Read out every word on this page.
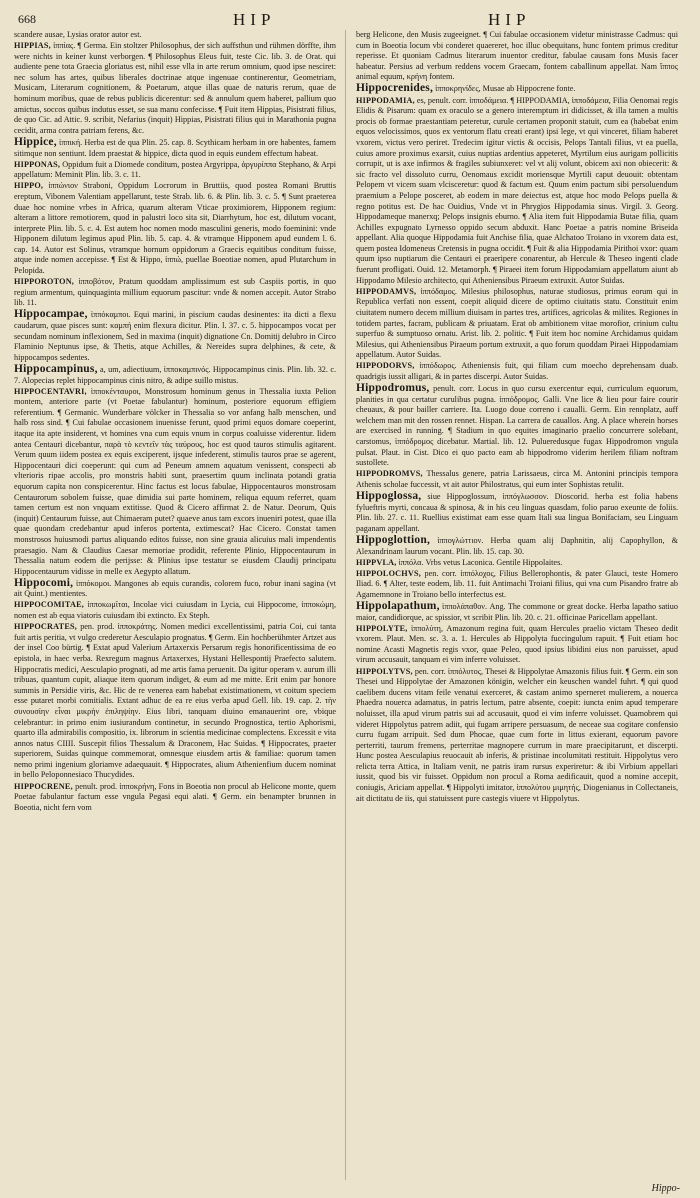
668	HIP	HIP

scandere ausae, Lysias orator autor est.

HIPPIAS, ἱππίας. ¶ Germa. Ein stoltzer Philosophus, der sich auffsthun und rühmen dörffte, ihm were nichts in keiner kunst verborgen. ¶ Philosophus Eleus fuit, teste Cic. lib. 3. de Orat. qui audiente pene tota Graecia gloriatus est, nihil esse vlla in arte rerum omnium, quod ipse nesciret: nec solum has artes, quibus liberales doctrinae atque ingenuae continerentur, Geometriam, Musicam, Literarum cognitionem, & Poetarum, atque illas quae de naturis rerum, quae de hominum moribus, quae de rebus publicis dicerentur: sed & annulum quem haberet, pallium quo amictus, soccos quibus indutus esset, se sua manu confecisse. ¶ Fuit item Hippias, Pisistrati filius, de quo Cic. ad Attic. 9. scribit, Nefarius (inquit) Hippias, Pisistrati filius qui in Marathonia pugna cecidit, arma contra patriam ferens, &c.

Hippice, ἱππική. Herba est de qua Plin. 25. cap. 8. Scythicam herbam in ore habentes, famem sitimque non sentiunt. Idem praestat & hippice, dicta quod in equis eundem effectum habeat.

HIPPONAS, Oppidum fuit a Diomede conditum, postea Argyrippa, ἀργυρίππα Stephano, & Arpi appellatum: Meminit Plin. lib. 3. c. 11.

HIPPO, ἱππώνιον Straboni, Oppidum Locrorum in Bruttiis, quod postea Romani Bruttis ereptum, Vibonem Valentiam appellarunt, teste Strab. lib. 6. & Plin. lib. 3. c. 5. ¶ Sunt praeterea duae hoc nomine vrbes in Africa, quarum alteram Vticae proximiorem, Hipponem regium: alteram a littore remotiorem, quod in palustri loco sita sit, Diarrhytum, hoc est, dilutum vocant, interprete Plin. lib. 5. c. 4. Est autem hoc nomen modo masculini generis, modo foeminini: vnde Hipponem dilutum legimus apud Plin. lib. 5. cap. 4. & vtramque Hipponem apud eundem l. 6. cap. 14. Autor est Solinus, vtramque hornum oppidorum a Graecis equitibus conditum fuisse, atque inde nomen accepisse. ¶ Est & Hippo, ἱππώ, puellae Boeotiae nomen, apud Plutarchum in Pelopida.

HIPPOROTON, ἱπποβότον, Pratum quoddam amplissimum est sub Caspiis portis, in quo regium armentum, quinquaginta millium equorum pascitur: vnde & nomen accepit. Autor Strabo lib. 11.

Hippocampae, ἱππόκαμποι. Equi marini, in piscium caudas desinentes: ita dicti a flexu caudarum, quae pisces sunt: καμπή enim flexura dicitur. Plin. l. 37. c. 5. hippocampos vocat per secundam nominum inflexionem, Sed in maxima (inquit) dignatione Cn. Domitij delubro in Circo Flaminio Neptunus ipse, & Thetis, atque Achilles, & Nereides supra delphines, & cete, & hippocampos sedentes.

Hippocampinus, a, um, adiectiuum, ἱπποκαμπινός. Hippocampinus cinis. Plin. lib. 32. c. 7. Alopecias replet hippocampinus cinis nitro, & adipe suillo mistus.

HIPPOCENTAVRI, ἱπποκένταυροι, Monstrosum hominum genus in Thessalia iuxta Pelion montem, anteriore parte (vt Poetae fabulantur) hominum, posteriore equorum effigiem referentium. ¶ Germanic. Wunderbare völcker in Thessalia so vor anfang halb menschen, und halb ross sind. ¶ Cui fabulae occasionem inuenisse ferunt, quod primi equos domare coeperint, itaque ita apte insiderent, vt homines vna cum equis vnum in corpus coaluisse viderentur. Iidem antea Centauri dicebantur, παρὰ τὸ κεντεῖν τὰς ταύρους, hoc est quod tauros stimulis agitarent. Verum quum iidem postea ex equis exciperent, ijsque infederent, stimulis tauros prae se agerent, Hippocentauri dici coeperunt: qui cum ad Peneum amnem aquatum venissent, conspecti ab vlterioris ripae accolis, pro monstris habiti sunt, praesertim quum inclinata potandi gratia equorum capita non conspicerentur. Hinc factus est locus fabulae, Hippocentauros monstrosam Centaurorum sobolem fuisse, quae dimidia sui parte hominem, reliqua equum referret, quam tamen certum est non vnquam extitisse. Quod & Cicero affirmat 2. de Natur. Deorum, Quis (inquit) Centaurum fuisse, aut Chimaeram putet? quaeve anus tam excors inueniri potest, quae illa quae quondam credebantur apud inferos portenta, extimescat? Hac Cicero. Constat tamen monstrosos huiusmodi partus aliquando editos fuisse, non sine grauia alicuius mali impendentis praesagio. Nam & Claudius Caesar memoriae prodidit, referente Plinio, Hippocentaurum in Thessalia natum eodem die perijsse: & Plinius ipse testatur se eiusdem Claudij principatu Hippocentaurum vidisse in melle ex Aegypto allatum.

Hippocomi, ἱππόκομοι. Mangones ab equis curandis, colorem fuco, robur inani sagina (vt ait Quint.) mentientes.

HIPPOCOMITAE, ἱπποκωμῖται, Incolae vici cuiusdam in Lycia, cui Hippocome, ἱπποκώμη, nomen est ab equa viatoris cuiusdam ibi extincto. Ex Steph.

HIPPOCRATES, pen. prod. ἱπποκράτης. Nomen medici excellentissimi, patria Coi, cui tanta fuit artis peritia, vt vulgo crederetur Aesculapio prognatus. ¶ Germ. Ein hochberühmter Artzet aus der insel Coo bürtig. ¶ Extat apud Valerium Artaxerxis Persarum regis honorificentissima de eo epistola, in haec verba. Rexregum magnus Artaxerxes, Hystani Hellespontij Praefecto salutem. Hippocratis medici, Aesculapio prognati, ad me artis fama peruenit. Da igitur operam v. aurum illi tribuas, quantum cupit, aliaque item quorum indiget, & eum ad me mitte. Erit enim par honore summis in Persidie viris, &c. Hic de re venerea eam habebat existimationem, vt coitum speciem esse putaret morbi comitialis. Extant adhuc de ea re eius verba apud Gell. lib. 19. cap. 2. τὴν συνουσίην εἶναι μικρὴν ἐπιληψίην. Eius libri, tanquam diuino emanauerint ore, vbique celebrantur: in primo enim iusiurandum continetur, in secundo Prognostica, tertio Aphorismi, quarto illa admirabilis compositio, ix. librorum in scientia medicinae complectens. Excessit e vita annos natus CIIII. Suscepit filios Thessalum & Draconem, Hac Suidas. ¶ Hippocrates, praeter superiorem, Suidas quinque commemorat, omnesque eiusdem artis & familiae: quorum tamen nemo primi ingenium gloriamve adaequauit. ¶ Hippocrates, alium Athenienfium ducem nominat in bello Peloponnesiaco Thucydides.

HIPPOCRENE, penult. prod. ἱπποκρήνη, Fons in Boeotia non procul ab Helicone monte, quem Poetae fabulantur factum esse vngula Pegasi equi alati. ¶ Germ. ein benampter brunnen in Boeotia, nicht fern vom

berg Helicone, den Musis zugeeignet. ¶ Cui fabulae occasionem videtur ministrasse Cadmus: qui cum in Boeotia locum vbi conderet quaereret, hoc illuc obequitans, hunc fontem primus creditur reperisse. Et quoniam Cadmus literarum inuentor creditur, fabulae causam fons Musis facer habeatur. Persius ad verbum reddens vocem Graecam, fontem caballinum appellat. Nam ἵππος animal equum, κρήνη fontem.

Hippocrenides, ἱπποκρηνίδες, Musae ab Hippocrene fonte.

HIPPODAMIA, es, penult. corr. ἱπποδάμεια. ¶ HIPPODAMIA, ἱπποδάμεια, Filia Oenomai regis Elidis & Pisarum: quam ex oraculo se a genero interemptum iri didicisset, & illa tamen a multis procis ob formae praestantiam peteretur, curule certamen proponit statuit, cum ea (habebat enim equos velocissimos, quos ex ventorum flatu creati erant) ipsi lege, vt qui vinceret, filiam haberet vxorem, victus vero periret. Tredecim igitur victis & occisis, Pelops Tantali filius, vt ea puella, cuius amore proximus exarsit, cuius nuptias ardentius appeteret, Myrtilum eius aurigam pollicitis corrupit, ut is axe infirmos & fragiles subiunxeret: vel vt alij volunt, obicem axi non obiecerit: & sic fracto vel dissoluto curru, Oenomaus excidit moriensque Myrtili caput deuouit: obtentam Pelopem vt vicem suam vlcisceretur: quod & factum est. Quum enim pactum sibi persoluendum praemium a Pelope posceret, ab eodem in mare deiectus est, atque hoc modo Pelops puella & regno potitus est. De hac Ouidius, Vnde vt in Phrygios Hippodamia sinus. Virgil. 3. Georg. Hippodameque manerxq; Pelops insignis eburno. ¶ Alia item fuit Hippodamia Butae filia, quam Achilles expugnato Lyrnesso oppido secum abduxit. Hanc Poetae a patris nomine Briseida appellant. Alia quoque Hippodamia fuit Anchise filia, quae Alchatoo Troiano in vxorem data est, quem postea Idomeneus Cretensis in pugna occidit. ¶ Fuit & alia Hippodamia Pirithoi vxor: quam quum ipso nuptiarum die Centauri ei praeripere conarentur, ab Hercule & Theseo ingenti clade fuerunt profligati. Ouid. 12. Metamorph. ¶ Piraeei item forum Hippodamiam appellatum aiunt ab Hippodamo Milesio architecto, qui Atheniensibus Piraeum extruxit. Autor Suidas.

HIPPODAMVS, ἱππόδαμος. Milesius philosophus, naturae studiosus, primus eorum qui in Republica verfati non essent, coepit aliquid dicere de optimo ciuitatis statu. Constituit enim ciuitatem numero decem millium diuisam in partes tres, artifices, agricolas & milites. Regiones in totidem partes, facram, publicam & priuatam. Erat ob ambitionem vitae morofior, crinium cultu superfuo & sumptuoso ornatu. Arist. lib. 2. politic. ¶ Fuit item hoc nomine Archidamus quidam Milesius, qui Atheniensibus Piraeum portum extruxit, a quo forum quoddam Piraei Hippodamiam appellatum. Autor Suidas.

HIPPODORVS, ἱππόδωρος. Atheniensis fuit, qui filiam cum moecho deprehensam duab. quadrigis iussit alligari, & in partes discerpi. Autor Suidas.

Hippodromus, penult. corr. Locus in quo cursu exercentur equi, curriculum equorum, planities in qua certatur curulibus pugna. ἱππόδρομος. Galli. Vne lice & lieu pour faire courir cheuaux, & pour bailler carriere. Ita. Luogo doue correno i caualli. Germ. Ein rennplatz, auff welchem man mit den rossen rennet. Hispan. La carrera de cauallos. Ang. A place wherein horses are exercised in running. ¶ Stadium in quo equites imaginario praelio concurrere solebant, carstomus, ἱππόδρομος dicebatur. Martial. lib. 12. Pulueredusque fugax Hippodromon vngula pulsat. Plaut. in Cist. Dico ei quo pacto eam ab hippodromo viderim herilem filiam noftram sustollete.

HIPPODROMVS, Thessalus genere, patria Larissaeus, circa M. Antonini principis tempora Athenis scholae fuccessit, vt ait autor Philostratus, qui eum inter Sophistas retulit.

Hippoglossa, siue Hippoglossum, ἱππόγλωσσον. Dioscorid. herba est folia habens fylueftris myrti, concaua & spinosa, & in his ceu linguas quasdam, folio paruo exeunte de foliis. Plin. lib. 27. c. 11. Ruellius existimat eam esse quam Itali sua lingua Bonifaciam, seu Linguam paganam appellant.

Hippoglottion, ἱππογλώττιον. Herba quam alij Daphnitin, alij Capophyllon, & Alexandrinam laurum vocant. Plin. lib. 15. cap. 30.

HIPPVLA, ἱππόλα. Vrbs vetus Laconica. Gentile Hippolaites.

HIPPOLOCHVS, pen. corr. ἱππόλοχος, Filius Bellerophontis, & pater Glauci, teste Homero Iliad. 6. ¶ Alter, teste eodem, lib. 11. fuit Antimachi Troiani filius, qui vna cum Pisandro fratre ab Agamemnone in Troiano bello interfectus est.

Hippolapathum, ἱππολάπαθον. Ang. The commone or great docke. Herba lapatho satiuo maior, candidiorque, ac spissior, vt scribit Plin. lib. 20. c. 21. officinae Paricellam appellant.

HIPPOLYTE, ἱππολύτη, Amazonum regina fuit, quam Hercules praelio victam Theseo dedit vxorem. Plaut. Men. sc. 3. a. 1. Hercules ab Hippolyta fuccingulum rapuit. ¶ Fuit etiam hoc nomine Acasti Magnetis regis vxor, quae Peleo, quod ipsius libidini eius non paruisset, apud virum accusauit, tanquam ei vim inferre voluisset.

HIPPOLYTVS, pen. corr. ἱππόλυτος, Thesei & Hippolytae Amazonis filius fuit. ¶ Germ. ein son Thesei und Hippolytae der Amazonen königin, welcher ein keuschen wandel fuhrt. ¶ qui quod caelibem ducens vitam feile venatui exerceret, & castam animo sperneret mulierem, a nouerca Phaedra nouerca adamatus, in patris lectum, patre absente, coepit: iuncta enim apud temperare noluisset, illa apud virum patris sui ad accusauit, quod ei vim inferre voluisset. Quamobrem qui videret Hippolytus patrem adiit, qui fugam arripere persuasum, de neceae sua cogitare confensio curru fugam arripuit. Sed dum Phocae, quae cum forte in littus exierant, equorum pavore perterriti, taurum fremens, perterritae magnopere currum in mare praecipitarunt, et discerpti. Hunc postea Aesculapius reuocauit ab inferis, & pristinae incolumitati restituit. Hippolytus vero relicta terra Attica, in Italiam venit, ne patris iram rursus experiretur: & ibi Virbium appellari iussit, quod bis vir fuisset. Oppidum non procul a Roma aedificauit, quod a nomine accepit, coniugis, Ariciam appellat. ¶ Hippolyti imitator, ἱππολύτου μιμητής, Diogenianus in Collectaneis, ait dictitatu de iis, qui statuissent pure castegis viuere vt Hippolytus.

Hippo-
